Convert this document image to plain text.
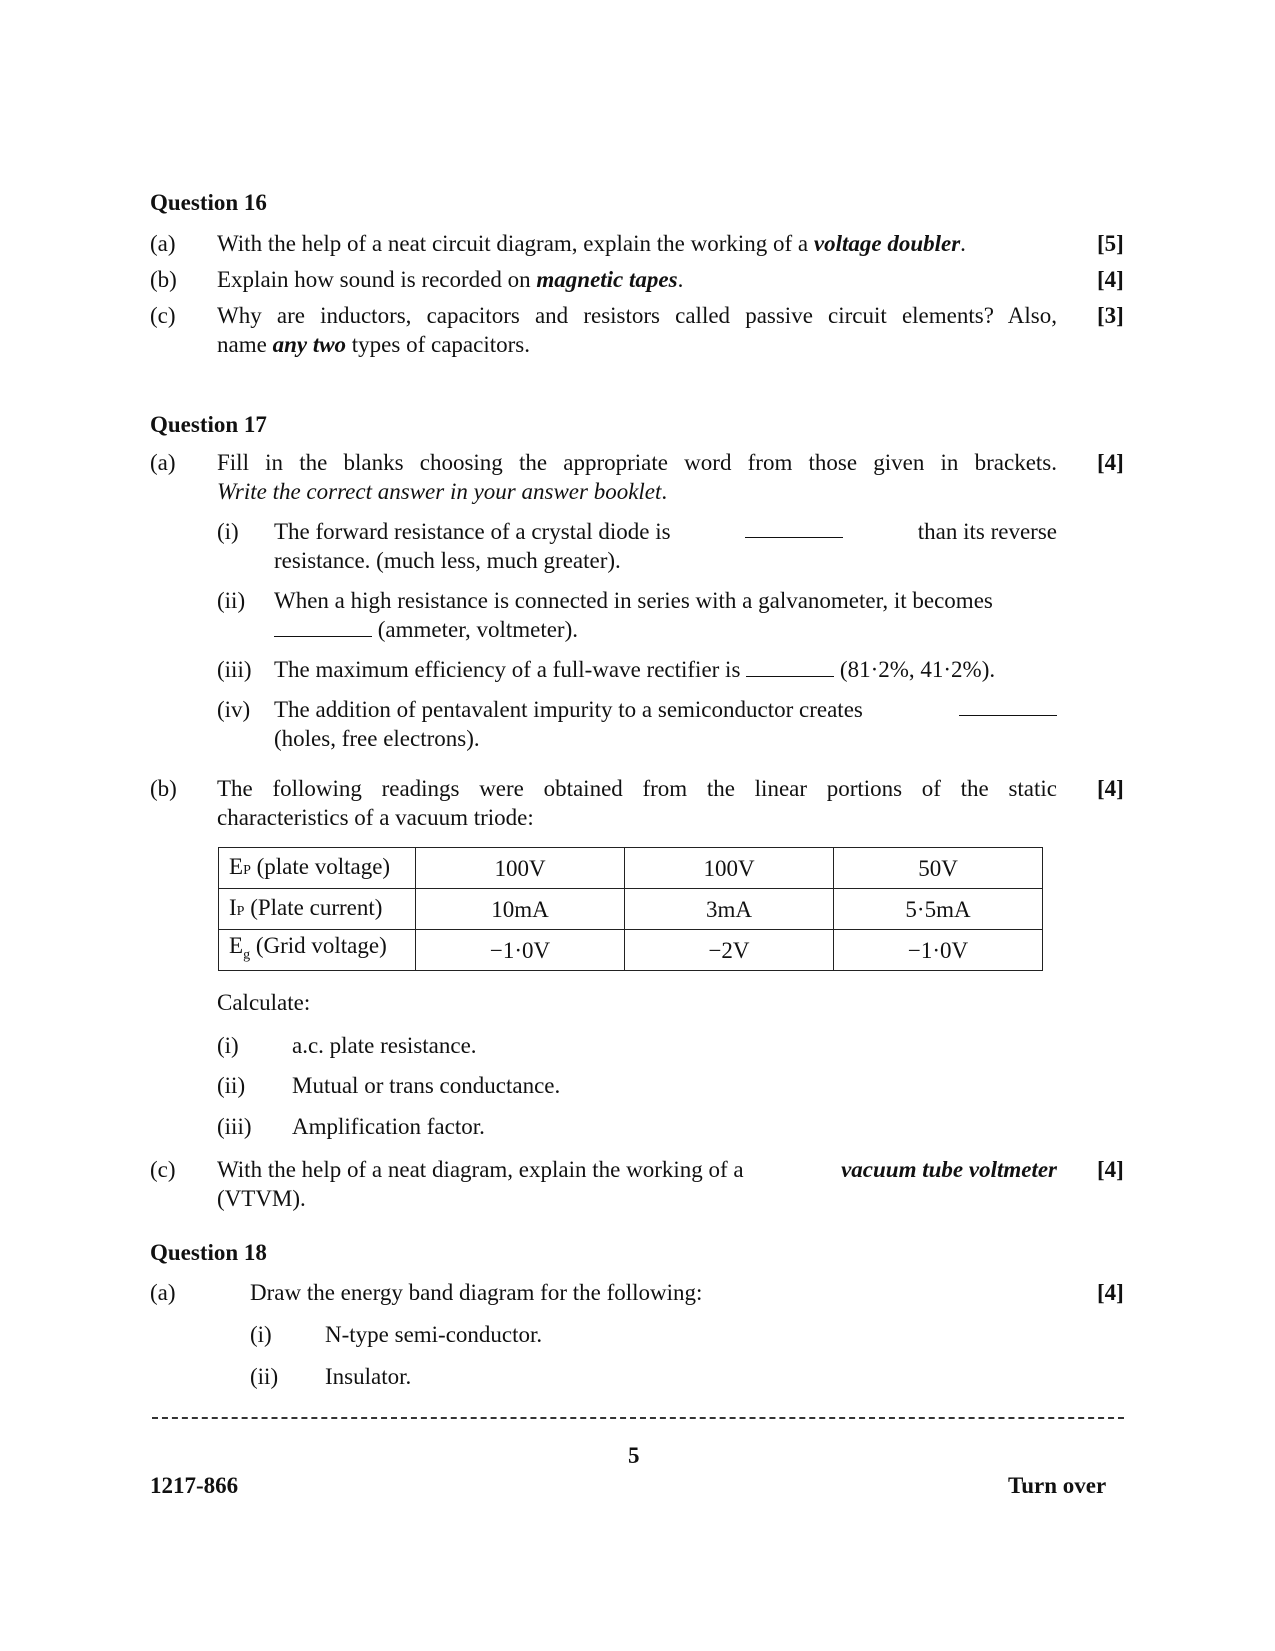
Question 16
(a) With the help of a neat circuit diagram, explain the working of a voltage doubler.	[5]
(b) Explain how sound is recorded on magnetic tapes.	[4]
(c) Why are inductors, capacitors and resistors called passive circuit elements? Also,
name any two types of capacitors.
[3]
Question 17
(a) Fill in the blanks choosing the appropriate word from those given in brackets.
Write the correct answer in your answer booklet.
[4]
(i) The forward resistance of a crystal diode is	than its reverse
resistance. (much less, much greater).
(ii) When a high resistance is connected in series with a galvanometer, it becomes
(ammeter, voltmeter).
(iii) The maximum efficiency of a full-wave rectifier is	(81·2%, 41·2%).
(iv) The addition of pentavalent impurity to a semiconductor creates
(holes, free electrons).
(b) The following readings were obtained from the linear portions of the static
characteristics of a vacuum triode:
[4]
EP (plate voltage)	100V	100V	50V
IP (Plate current)	10mA	3mA	5·5mA
$E_g$ (Grid voltage)	−1·0V	−2V	−1·0V
Calculate:
(i) a.c. plate resistance.
(ii) Mutual or trans conductance.
(iii) Amplification factor.
(c) With the help of a neat diagram, explain the working of a	vacuum tube voltmeter
(VTVM).
[4]
Question 18
(a)	Draw the energy band diagram for the following:	[4]
(i) N-type semi-conductor.
(ii) Insulator.
5
1217-866	Turn over
